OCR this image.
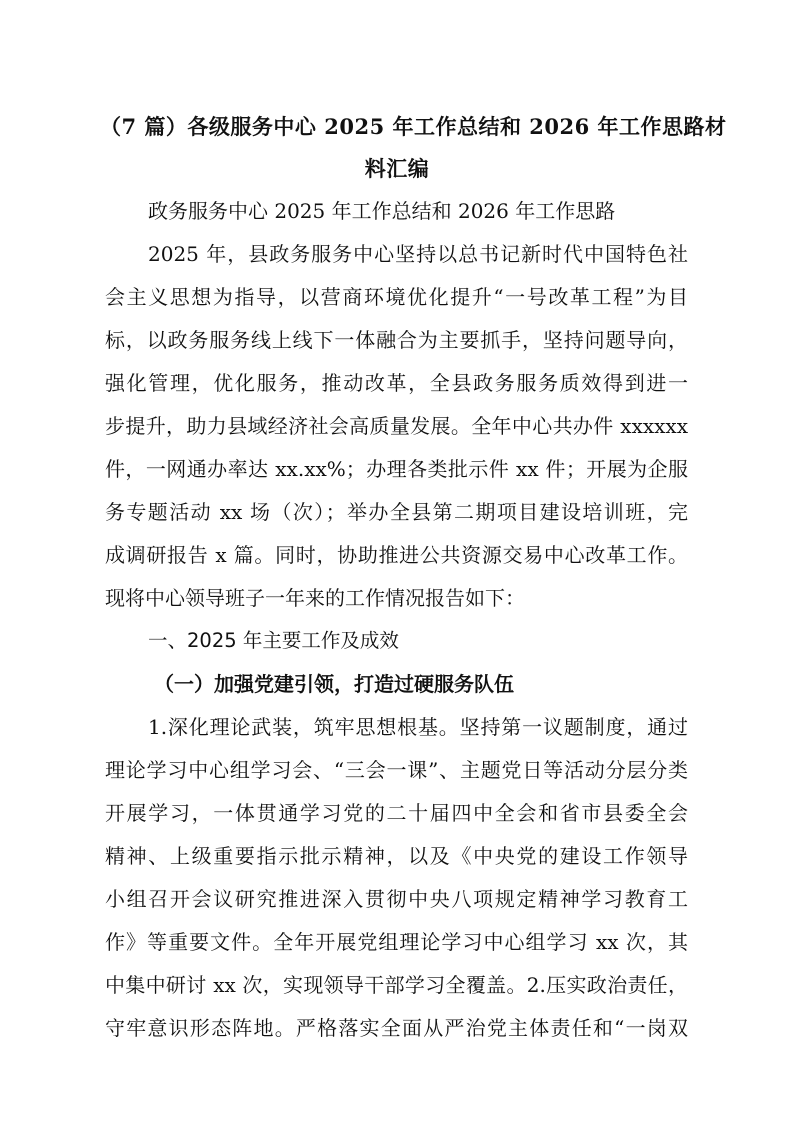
（7 篇）各级服务中心 2025 年工作总结和 2026 年工作思路材
料汇编
政务服务中心 2025 年工作总结和 2026 年工作思路
2025 年，县政务服务中心坚持以总书记新时代中国特色社
会主义思想为指导，以营商环境优化提升“一号改革工程”为目
标，以政务服务线上线下一体融合为主要抓手，坚持问题导向，
强化管理，优化服务，推动改革，全县政务服务质效得到进一
步提升，助力县域经济社会高质量发展。全年中心共办件 xxxxxx
件，一网通办率达 xx.xx%；办理各类批示件 xx 件；开展为企服
务专题活动 xx 场（次）；举办全县第二期项目建设培训班，完
成调研报告 x 篇。同时，协助推进公共资源交易中心改革工作。
现将中心领导班子一年来的工作情况报告如下：
一、2025 年主要工作及成效
（一）加强党建引领，打造过硬服务队伍
1.深化理论武装，筑牢思想根基。坚持第一议题制度，通过
理论学习中心组学习会、“三会一课”、主题党日等活动分层分类
开展学习，一体贯通学习党的二十届四中全会和省市县委全会
精神、上级重要指示批示精神，以及《中央党的建设工作领导
小组召开会议研究推进深入贯彻中央八项规定精神学习教育工
作》等重要文件。全年开展党组理论学习中心组学习 xx 次，其
中集中研讨 xx 次，实现领导干部学习全覆盖。2.压实政治责任，
守牢意识形态阵地。严格落实全面从严治党主体责任和“一岗双
